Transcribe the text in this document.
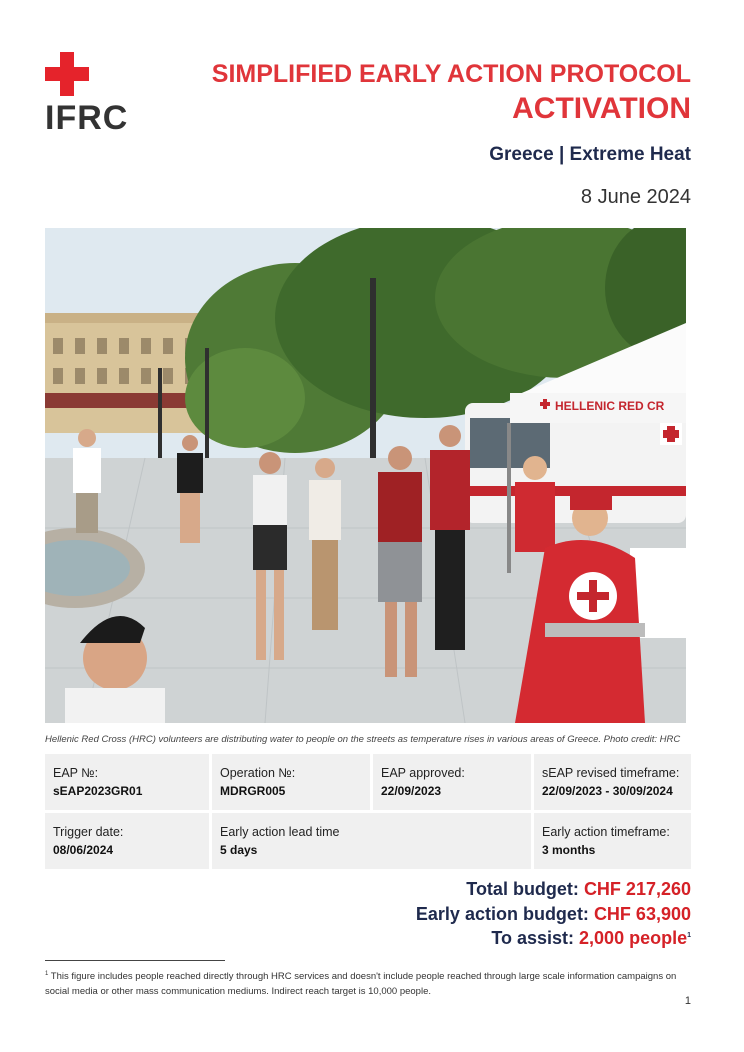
IFRC
SIMPLIFIED EARLY ACTION PROTOCOL
ACTIVATION
Greece | Extreme Heat
8 June 2024
HELLENIC RED CR
Hellenic Red Cross (HRC) volunteers are distributing water to people on the streets as temperature rises in various areas of Greece. Photo credit: HRC
EAP №:
sEAP2023GR01
Operation №:
MDRGR005
EAP approved:
22/09/2023
sEAP revised timeframe:
22/09/2023 - 30/09/2024
Trigger date:
08/06/2024
Early action lead time
5 days
Early action timeframe:
3 months
Total budget: CHF 217,260
Early action budget: CHF 63,900
To assist: 2,000 people$^1$
$^1$ This figure includes people reached directly through HRC services and doesn't include people reached through large scale information campaigns on social media or other mass communication mediums. Indirect reach target is 10,000 people.
1
